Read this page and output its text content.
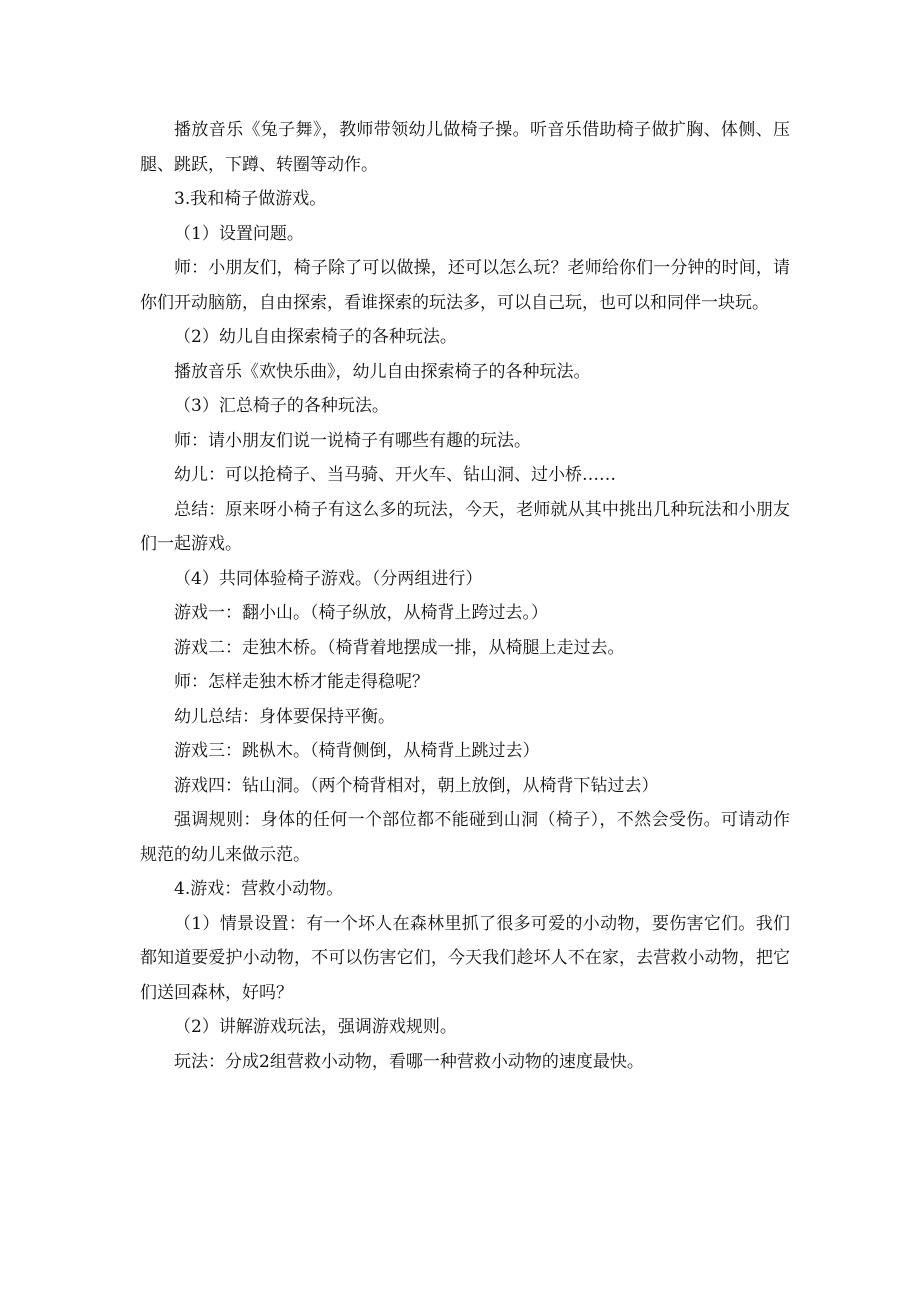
播放音乐《兔子舞》，教师带领幼儿做椅子操。听音乐借助椅子做扩胸、体侧、压腿、跳跃，下蹲、转圈等动作。

3.我和椅子做游戏。

（1）设置问题。

师：小朋友们，椅子除了可以做操，还可以怎么玩？老师给你们一分钟的时间，请你们开动脑筋，自由探索，看谁探索的玩法多，可以自己玩，也可以和同伴一块玩。

（2）幼儿自由探索椅子的各种玩法。

播放音乐《欢快乐曲》，幼儿自由探索椅子的各种玩法。

（3）汇总椅子的各种玩法。

师：请小朋友们说一说椅子有哪些有趣的玩法。

幼儿：可以抢椅子、当马骑、开火车、钻山洞、过小桥……

总结：原来呀小椅子有这么多的玩法，今天，老师就从其中挑出几种玩法和小朋友们一起游戏。

（4）共同体验椅子游戏。（分两组进行）

游戏一：翻小山。（椅子纵放，从椅背上跨过去。）

游戏二：走独木桥。（椅背着地摆成一排，从椅腿上走过去。

师：怎样走独木桥才能走得稳呢？

幼儿总结：身体要保持平衡。

游戏三：跳枞木。（椅背侧倒，从椅背上跳过去）

游戏四：钻山洞。（两个椅背相对，朝上放倒，从椅背下钻过去）

强调规则：身体的任何一个部位都不能碰到山洞（椅子），不然会受伤。可请动作规范的幼儿来做示范。

4.游戏：营救小动物。

（1）情景设置：有一个坏人在森林里抓了很多可爱的小动物，要伤害它们。我们都知道要爱护小动物，不可以伤害它们，今天我们趁坏人不在家，去营救小动物，把它们送回森林，好吗？

（2）讲解游戏玩法，强调游戏规则。

玩法：分成2组营救小动物，看哪一种营救小动物的速度最快。
